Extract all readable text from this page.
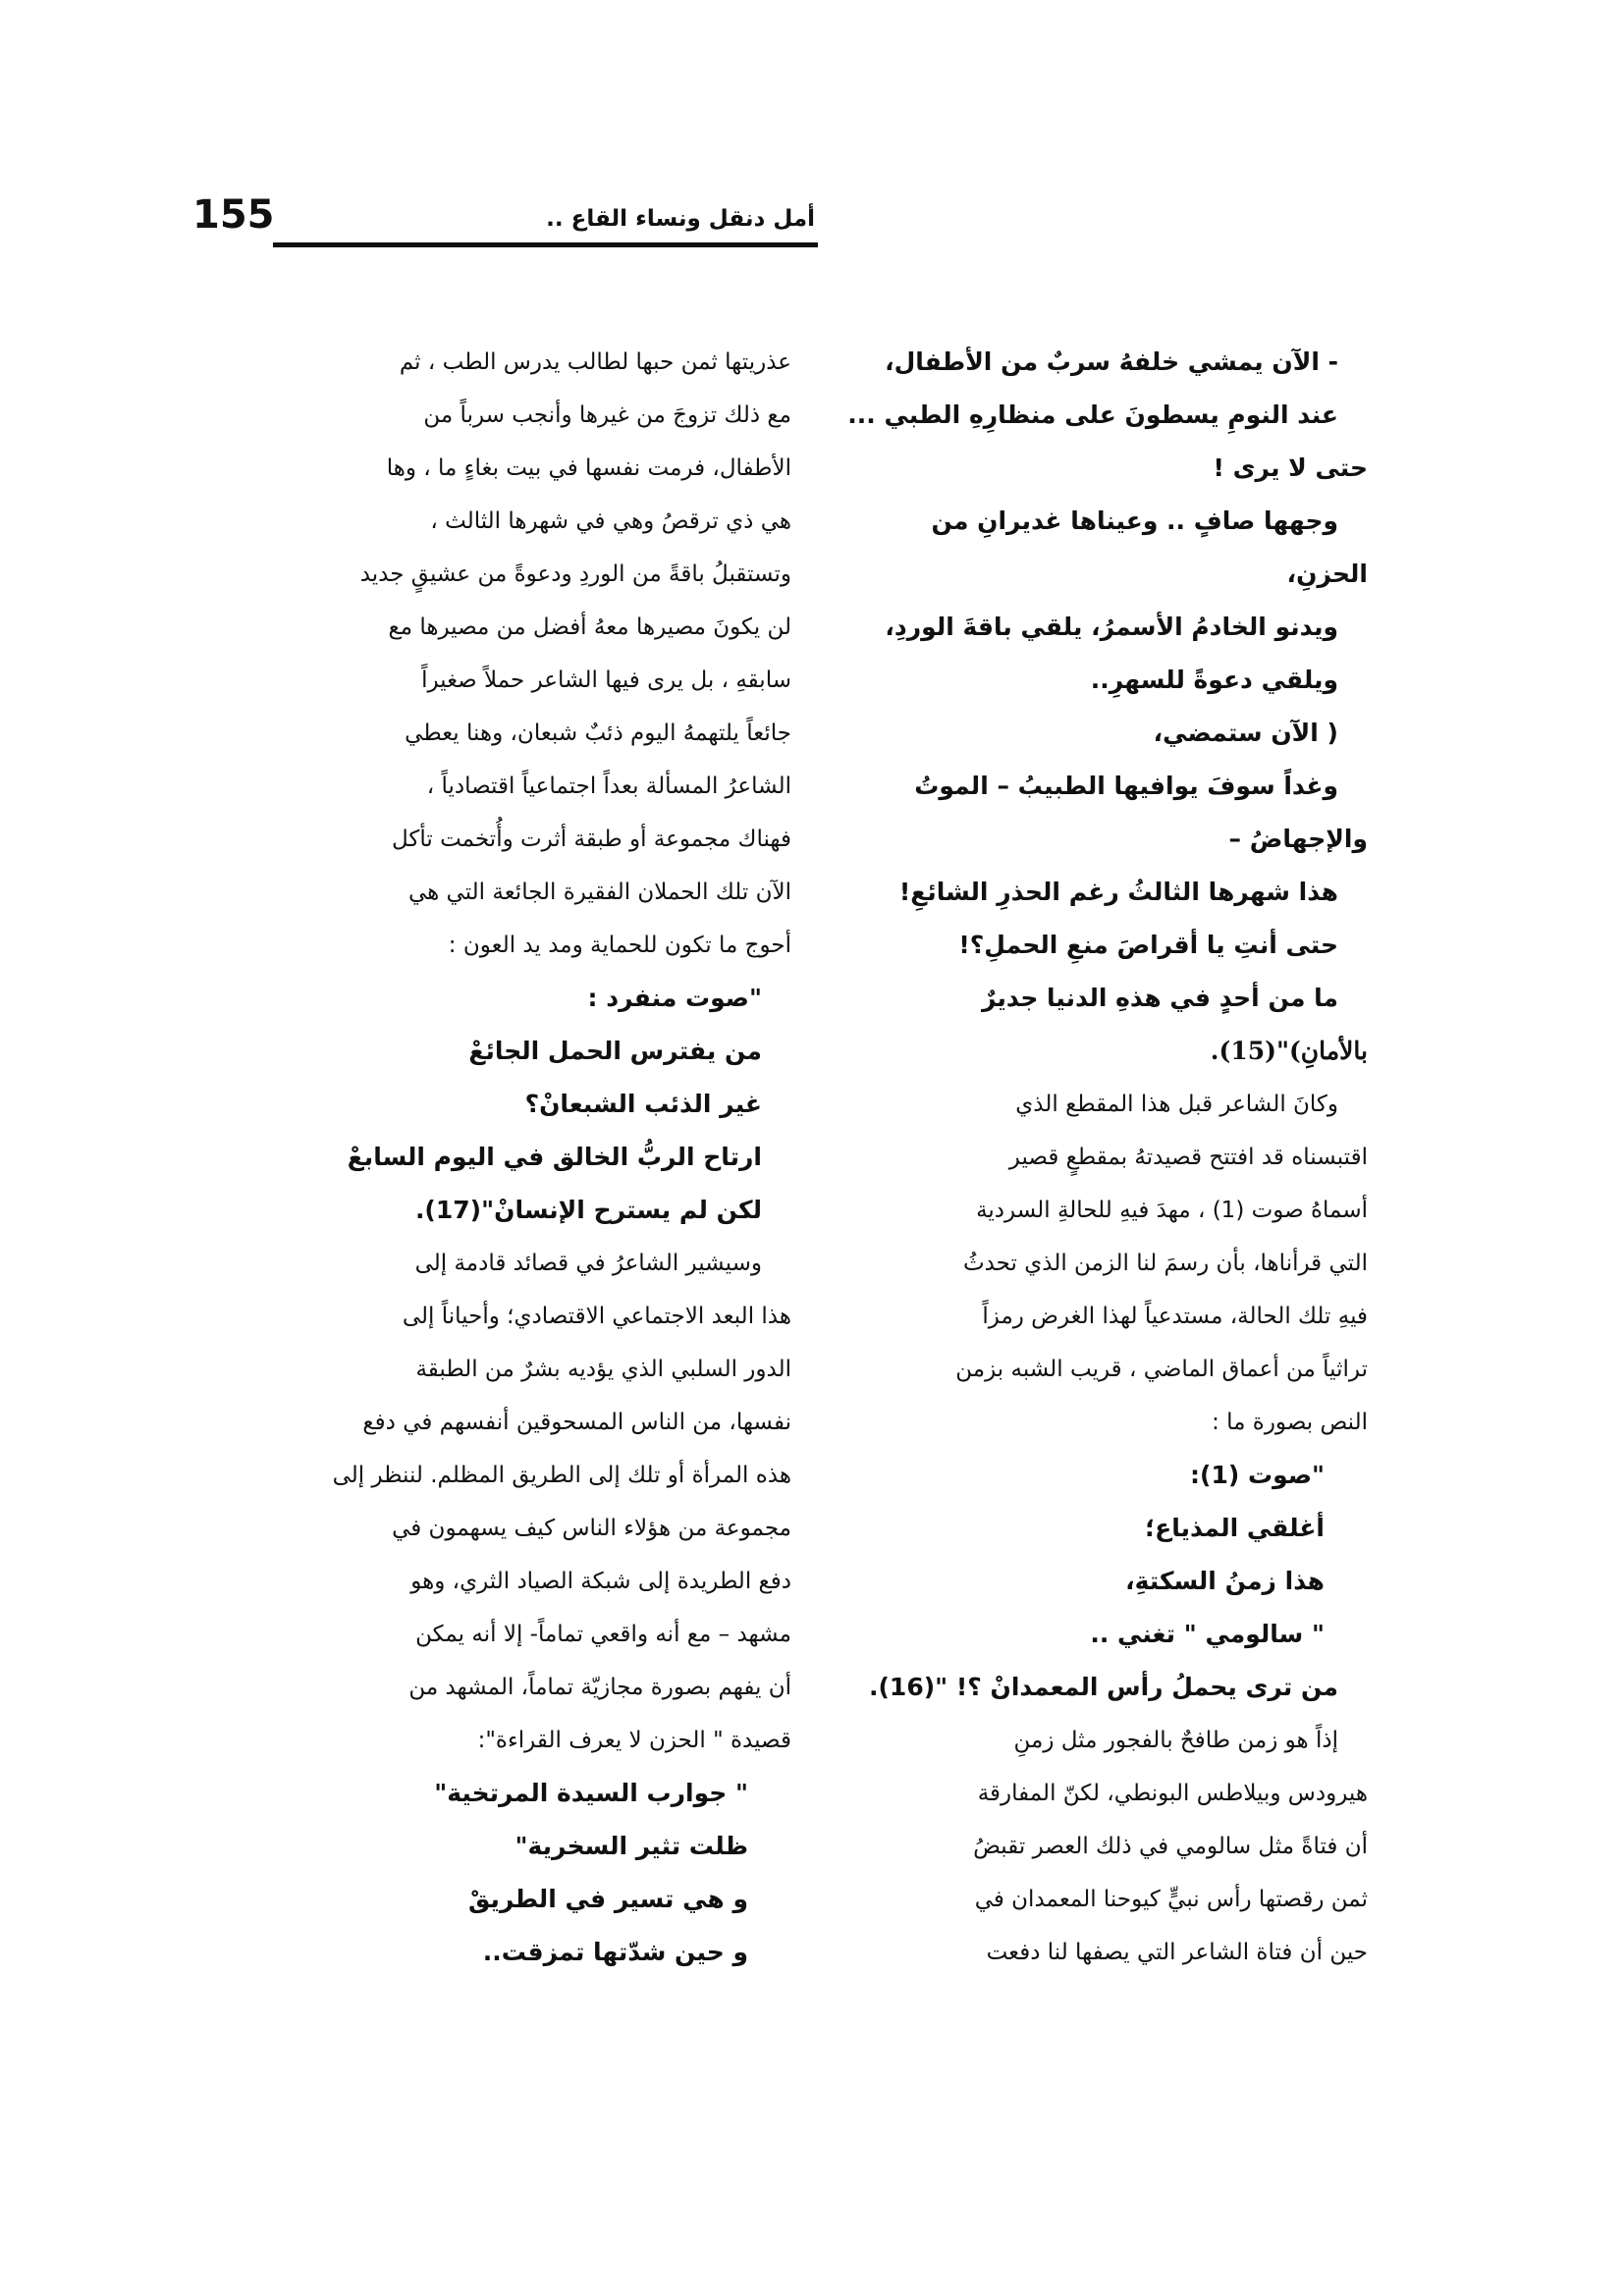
155	أمل دنقل ونساء القاع ..
- الآن يمشي خلفهُ سربٌ من الأطفال،
عند النومِ يسطونَ على منظارِهِ الطبي ...
حتى لا يرى !
وجهها صافٍ .. وعيناها غديرانِ من
الحزنِ،
ويدنو الخادمُ الأسمرُ، يلقي باقةَ الوردِ،
ويلقي دعوةً للسهرِ..
( الآن ستمضي،
وغداً سوفَ يوافيها الطبيبُ – الموتُ
والإجهاضُ –
هذا شهرها الثالثُ رغم الحذرِ الشائعِ!
حتى أنتِ يا أقراصَ منعِ الحملِ؟!
ما من أحدٍ في هذهِ الدنيا جديرٌ
بالأمانِ)"(15).
وكانَ الشاعر قبل هذا المقطع الذي
اقتبسناه قد افتتح قصيدتهُ بمقطعٍ قصير
أسماهُ صوت (1) ، مهدَ فيهِ للحالةِ السردية
التي قرأناها، بأن رسمَ لنا الزمن الذي تحدثُ
فيهِ تلك الحالة، مستدعياً لهذا الغرض رمزاً
تراثياً من أعماق الماضي ، قريب الشبه بزمن
النص بصورة ما :
"صوت (1):
أغلقي المذياع؛
هذا زمنُ السكتةِ،
" سالومي " تغني ..
من ترى يحملُ رأس المعمدانْ ؟! "(16).
إذاً هو زمن طافحٌ بالفجور مثل زمنِ
هيرودس وبيلاطس البونطي، لكنّ المفارقة
أن فتاةً مثل سالومي في ذلك العصر تقبضُ
ثمن رقصتها رأس نبيٍّ كيوحنا المعمدان في
حين أن فتاة الشاعر التي يصفها لنا دفعت
عذريتها ثمن حبها لطالب يدرس الطب ، ثم
مع ذلك تزوجَ من غيرها وأنجب سرباً من
الأطفال، فرمت نفسها في بيت بغاءٍ ما ، وها
هي ذي ترقصُ وهي في شهرها الثالث ،
وتستقبلُ باقةً من الوردِ ودعوةً من عشيقٍ جديد
لن يكونَ مصيرها معهُ أفضل من مصيرها مع
سابقهِ ، بل يرى فيها الشاعر حملاً صغيراً
جائعاً يلتهمهُ اليوم ذئبٌ شبعان، وهنا يعطي
الشاعرُ المسألة بعداً اجتماعياً اقتصادياً ،
فهناك مجموعة أو طبقة أثرت وأُتخمت تأكل
الآن تلك الحملان الفقيرة الجائعة التي هي
أحوج ما تكون للحماية ومد يد العون :
"صوت منفرد :
من يفترس الحمل الجائعْ
غير الذئب الشبعانْ؟
ارتاح الربُّ الخالق في اليوم السابعْ
لكن لم يسترح الإنسانْ"(17).
وسيشير الشاعرُ في قصائد قادمة إلى
هذا البعد الاجتماعي الاقتصادي؛ وأحياناً إلى
الدور السلبي الذي يؤديه بشرٌ من الطبقة
نفسها، من الناس المسحوقين أنفسهم في دفع
هذه المرأة أو تلك إلى الطريق المظلم. لننظر إلى
مجموعة من هؤلاء الناس كيف يسهمون في
دفع الطريدة إلى شبكة الصياد الثري، وهو
مشهد – مع أنه واقعي تماماً- إلا أنه يمكن
أن يفهم بصورة مجازيّة تماماً، المشهد من
قصيدة " الحزن لا يعرف القراءة":
" جوارب السيدة المرتخية"
ظلت تثير السخرية"
و هي تسير في الطريقْ
و حين شدّتها تمزقت..
